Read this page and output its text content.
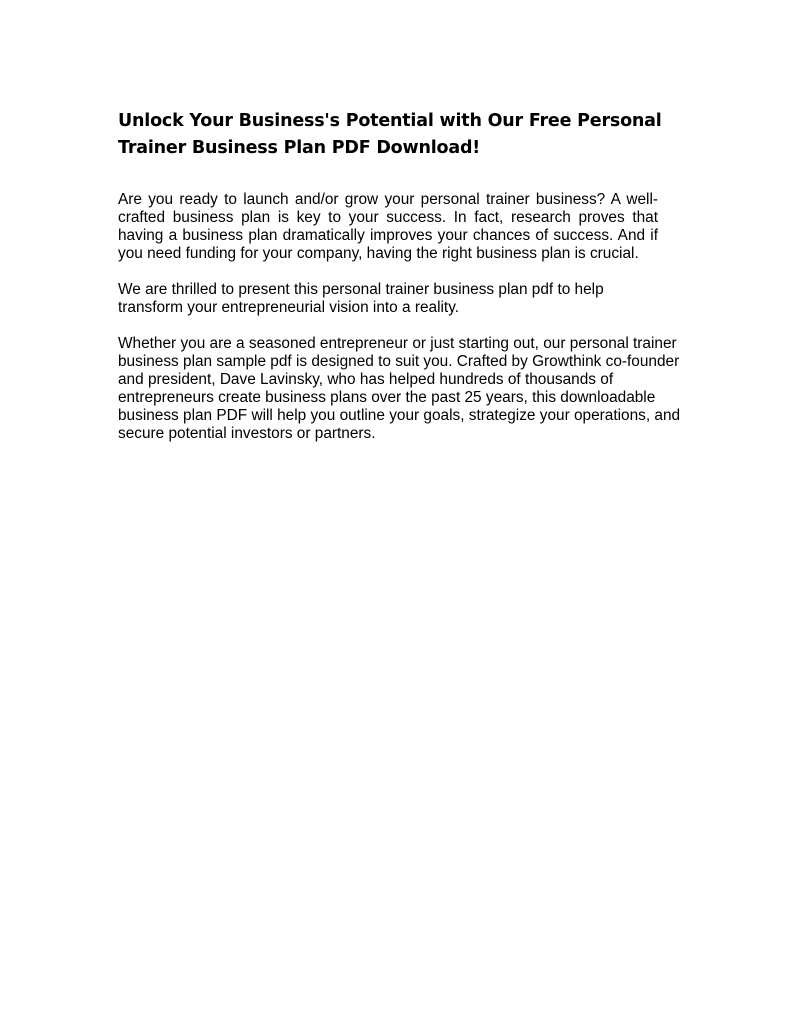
Unlock Your Business's Potential with Our Free Personal Trainer Business Plan PDF Download!

Are you ready to launch and/or grow your personal trainer business? A well-crafted business plan is key to your success. In fact, research proves that having a business plan dramatically improves your chances of success. And if you need funding for your company, having the right business plan is crucial.

We are thrilled to present this personal trainer business plan pdf to help transform your entrepreneurial vision into a reality.

Whether you are a seasoned entrepreneur or just starting out, our personal trainer business plan sample pdf is designed to suit you. Crafted by Growthink co-founder and president, Dave Lavinsky, who has helped hundreds of thousands of entrepreneurs create business plans over the past 25 years, this downloadable business plan PDF will help you outline your goals, strategize your operations, and secure potential investors or partners.
